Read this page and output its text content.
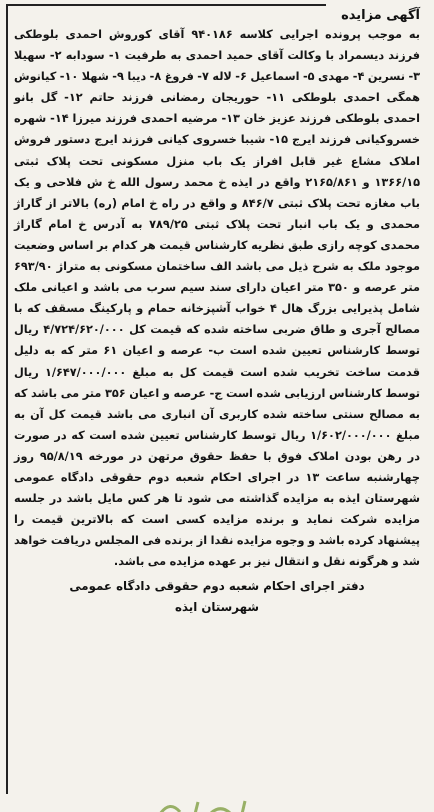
آگهی مزایده

به موجب پرونده اجرایی کلاسه ۹۴۰۱۸۶ آقای کوروش احمدی بلوطکی فرزند دیسمراد با وکالت آقای حمید احمدی به طرفیت ۱- سودابه ۲- سهیلا ۳- نسرین ۴- مهدی ۵- اسماعیل ۶- لاله ۷- فروغ ۸- دیبا ۹- شهلا ۱۰- کیانوش همگی احمدی بلوطکی ۱۱- حوریجان رمضانی فرزند حاتم ۱۲- گل بانو احمدی بلوطکی فرزند عزیز خان ۱۳- مرضیه احمدی فرزند میرزا ۱۴- شهره خسروکیانی فرزند ایرج ۱۵- شیبا خسروی کیانی فرزند ایرج دستور فروش املاک مشاع غیر قابل افراز یک باب منزل مسکونی تحت پلاک ثبتی ۱۳۶۶/۱۵ و ۲۱۶۵/۸۶۱ واقع در ایذه خ محمد رسول الله خ ش فلاحی و یک باب مغازه تحت پلاک ثبتی ۸۴۶/۷ و واقع در راه خ امام (ره) بالاتر از گاراژ محمدی و یک باب انبار تحت پلاک ثبتی ۷۸۹/۲۵ به آدرس خ امام گاراژ محمدی کوچه رازی طبق نظریه کارشناس قیمت هر کدام بر اساس وضعیت موجود ملک به شرح ذیل می باشد الف ساختمان مسکونی به متراژ ۶۹۳/۹۰ متر عرصه و ۳۵۰ متر اعیان دارای سند سیم سرب می باشد و اعیانی ملک شامل پذیرایی بزرگ هال ۴ خواب آشپزخانه حمام و پارکینگ مسقف که با مصالح آجری و طاق ضربی ساخته شده که قیمت کل ۴/۷۲۴/۶۲۰/۰۰۰ ریال توسط کارشناس تعیین شده است ب- عرصه و اعیان ۶۱ متر که به دلیل قدمت ساخت تخریب شده است قیمت کل به مبلغ ۱/۶۴۷/۰۰۰/۰۰۰ ریال توسط کارشناس ارزیابی شده است ج- عرصه و اعیان ۳۵۶ متر می باشد که به مصالح سنتی ساخته شده کاربری آن انباری می باشد قیمت کل آن به مبلغ ۱/۶۰۲/۰۰۰/۰۰۰ ریال توسط کارشناس تعیین شده است که در صورت در رهن بودن املاک فوق با حفظ حقوق مرتهن در مورخه ۹۵/۸/۱۹ روز چهارشنبه ساعت ۱۳ در اجرای احکام شعبه دوم حقوقی دادگاه عمومی شهرستان ایذه به مزایده گذاشته می شود تا هر کس مایل باشد در جلسه مزایده شرکت نماید و برنده مزایده کسی است که بالاترین قیمت را پیشنهاد کرده باشد و وجوه مزایده نقدا از برنده فی المجلس دریافت خواهد شد و هرگونه نقل و انتقال نیز بر عهده مزایده می باشد.

دفتر اجرای احکام شعبه دوم حقوقی دادگاه عمومی
شهرستان ایذه
